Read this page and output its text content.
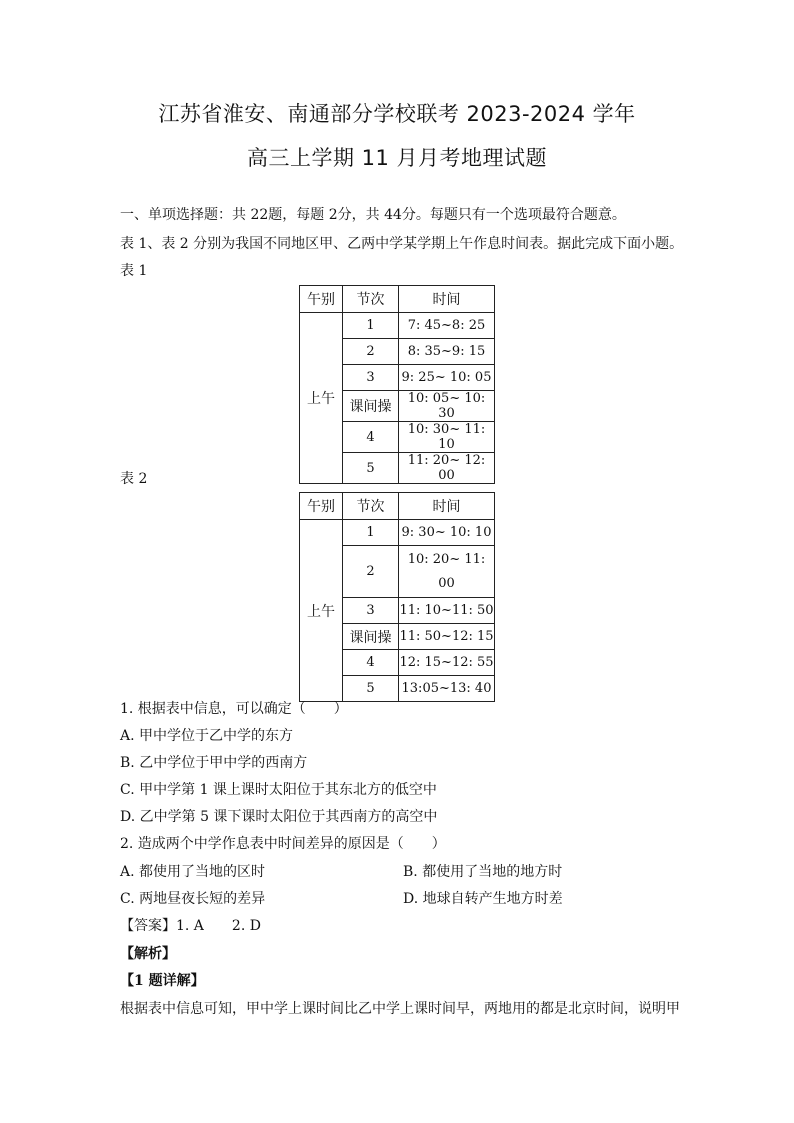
江苏省淮安、南通部分学校联考 2023-2024 学年
高三上学期 11 月月考地理试题
一、单项选择题：共 22题，每题 2分，共 44分。每题只有一个选项最符合题意。
表 1、表 2 分别为我国不同地区甲、乙两中学某学期上午作息时间表。据此完成下面小题。
表 1
午别	节次	时间
上午	1	7: 45~8: 25
	2	8: 35~9: 15
	3	9: 25~ 10: 05
	课间操	10: 05~ 10: 30
	4	10: 30~ 11: 10
	5	11: 20~ 12: 00
表 2
午别	节次	时间
上午	1	9: 30~ 10: 10
	2	10: 20~ 11: 00
	3	11: 10~11: 50
	课间操	11: 50~12: 15
	4	12: 15~12: 55
	5	13:05~13: 40
1. 根据表中信息，可以确定（　　）
A. 甲中学位于乙中学的东方
B. 乙中学位于甲中学的西南方
C. 甲中学第 1 课上课时太阳位于其东北方的低空中
D. 乙中学第 5 课下课时太阳位于其西南方的高空中
2. 造成两个中学作息表中时间差异的原因是（　　）
A. 都使用了当地的区时	B. 都使用了当地的地方时
C. 两地昼夜长短的差异	D. 地球自转产生地方时差
【答案】1. A　　2. D
【解析】
【1 题详解】
根据表中信息可知，甲中学上课时间比乙中学上课时间早，两地用的都是北京时间，说明甲
